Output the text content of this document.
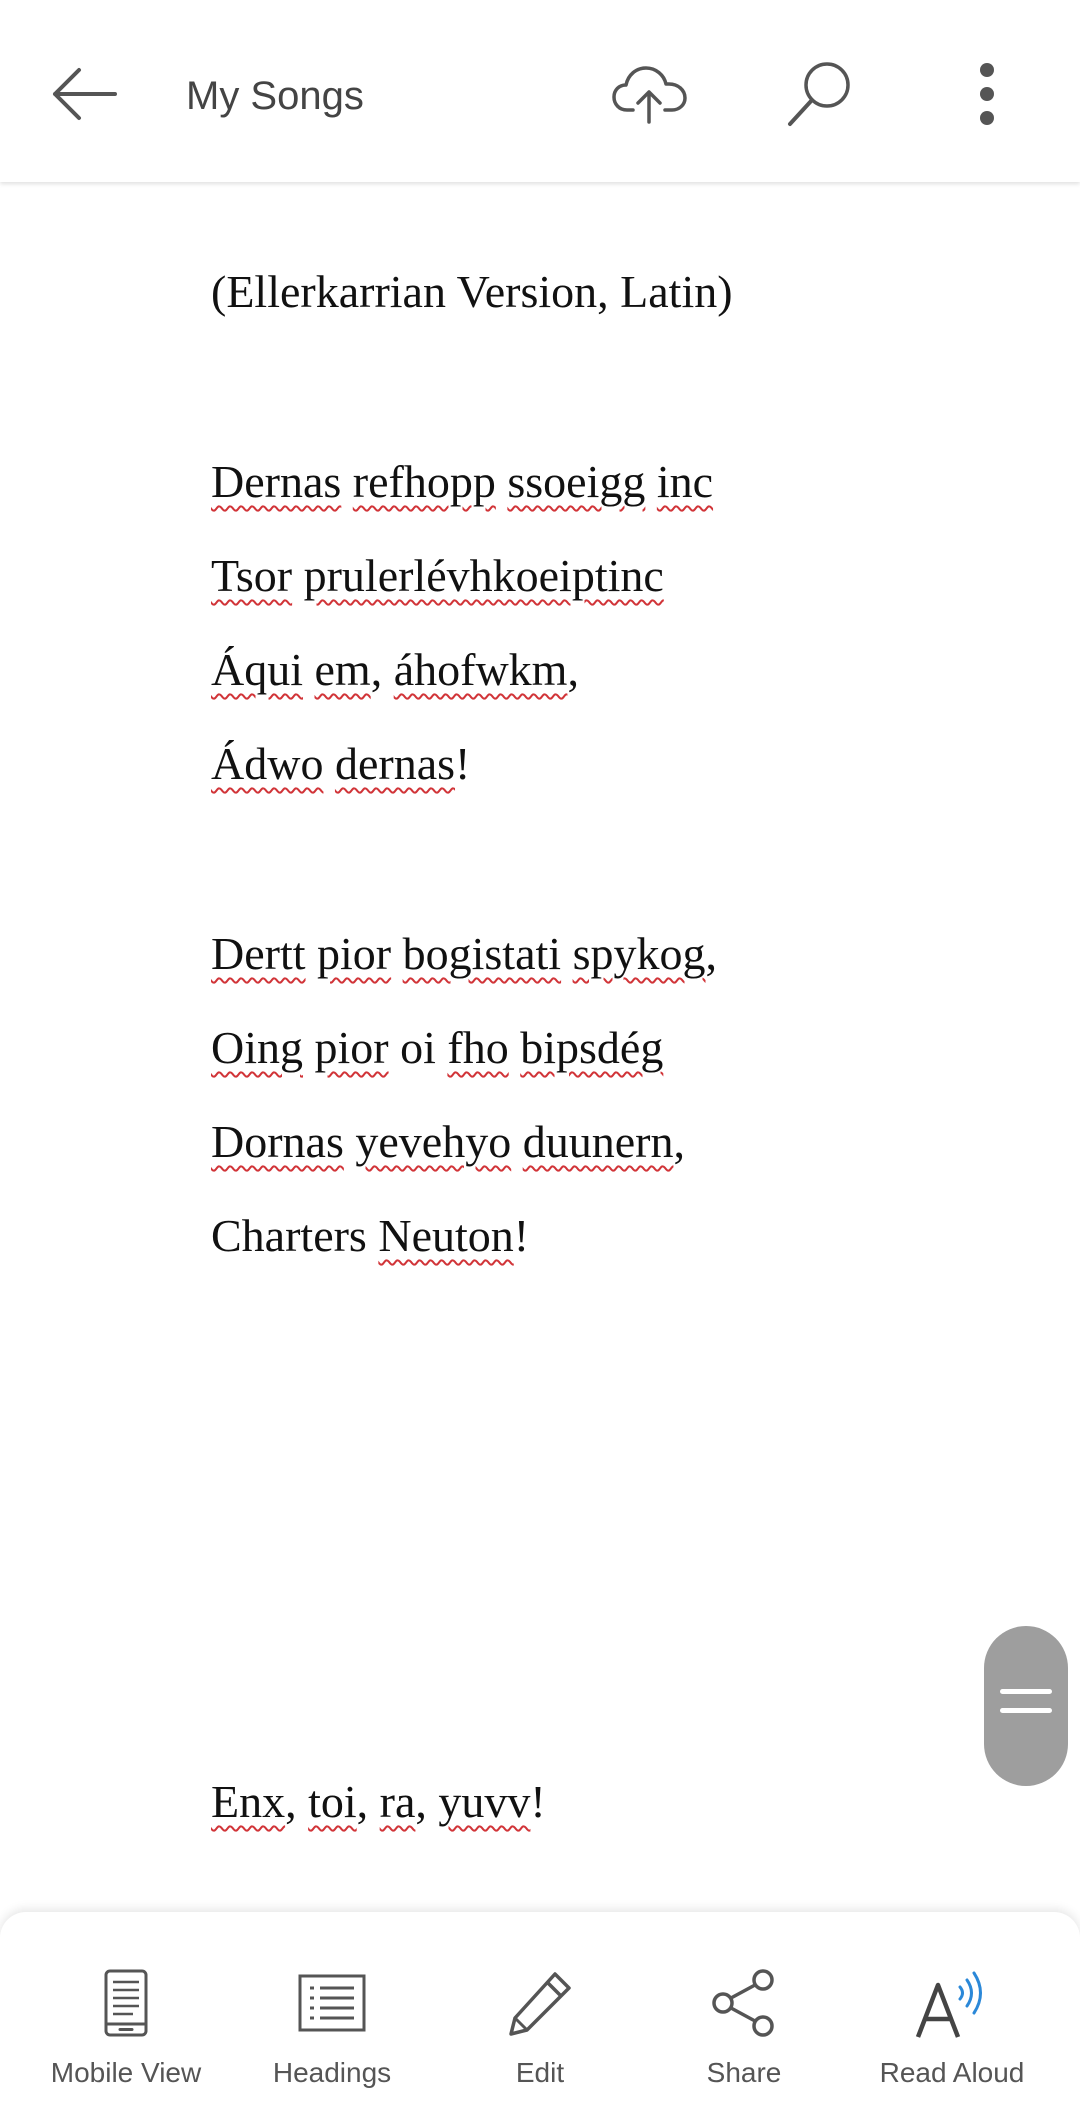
My Songs
(Ellerkarrian Version, Latin)
Dernas refhopp ssoeigg inc
Tsor prulerlévhkoeiptinc
Áqui em, áhofwkm,
Ádwo dernas!
Dertt pior bogistati spykog,
Oing pior oi fho bipsdég
Dornas yevehyo duunern,
Charters Neuton!
Enx, toi, ra, yuvv!
Mobile View	Headings	Edit	Share	Read Aloud
